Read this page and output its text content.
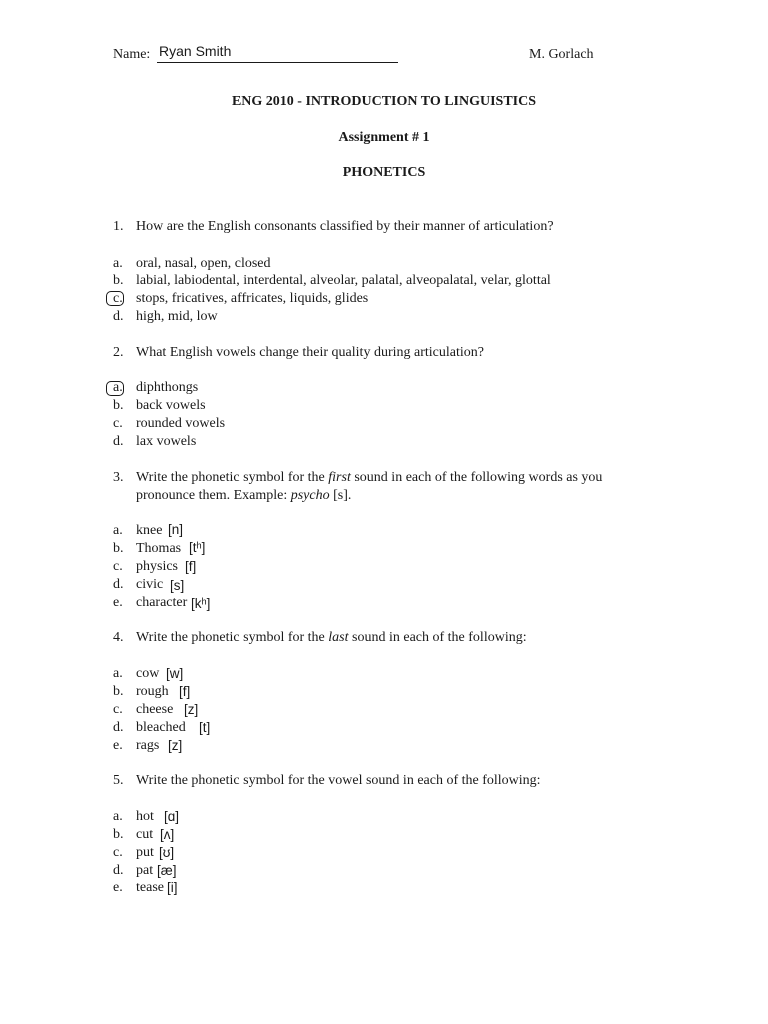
Name: Ryan Smith	M. Gorlach
ENG 2010 - INTRODUCTION TO LINGUISTICS
Assignment # 1
PHONETICS
1. How are the English consonants classified by their manner of articulation?
a. oral, nasal, open, closed
b. labial, labiodental, interdental, alveolar, palatal, alveopalatal, velar, glottal
c. stops, fricatives, affricates, liquids, glides
d. high, mid, low
2. What English vowels change their quality during articulation?
a. diphthongs
b. back vowels
c. rounded vowels
d. lax vowels
3. Write the phonetic symbol for the first sound in each of the following words as you
pronounce them. Example: psycho [s].
a. knee [n]
b. Thomas [tʰ]
c. physics [f]
d. civic [s]
e. character [kʰ]
4. Write the phonetic symbol for the last sound in each of the following:
a. cow [w]
b. rough [f]
c. cheese [z]
d. bleached [t]
e. rags [z]
5. Write the phonetic symbol for the vowel sound in each of the following:
a. hot [ɑ]
b. cut [ʌ]
c. put [ʊ]
d. pat [æ]
e. tease [i]
